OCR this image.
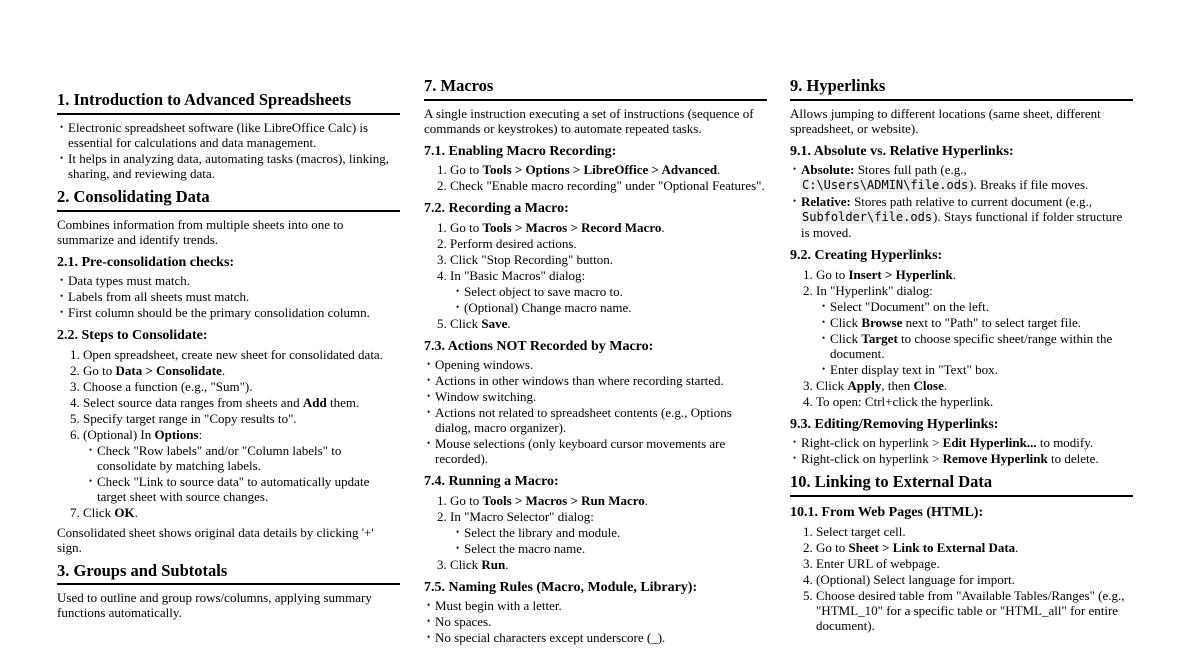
1. Introduction to Advanced Spreadsheets
• Electronic spreadsheet software (like LibreOffice Calc) is essential for calculations and data management.
• It helps in analyzing data, automating tasks (macros), linking, sharing, and reviewing data.
2. Consolidating Data

Combines information from multiple sheets into one to summarize and identify trends.

2.1. Pre-consolidation checks:
• Data types must match.
• Labels from all sheets must match.
• First column should be the primary consolidation column.
2.2. Steps to Consolidate:
1. Open spreadsheet, create new sheet for consolidated data.
2. Go to Data > Consolidate.
3. Choose a function (e.g., "Sum").
4. Select source data ranges from sheets and Add them.
5. Specify target range in "Copy results to".
6. (Optional) In Options:
• Check "Row labels" and/or "Column labels" to consolidate by matching labels.
• Check "Link to source data" to automatically update target sheet with source changes.
7. Click OK.

Consolidated sheet shows original data details by clicking '+' sign.

3. Groups and Subtotals

Used to outline and group rows/columns, applying summary functions automatically.

7. Macros

A single instruction executing a set of instructions (sequence of commands or keystrokes) to automate repeated tasks.

7.1. Enabling Macro Recording:
1. Go to Tools > Options > LibreOffice > Advanced.
2. Check "Enable macro recording" under "Optional Features".
7.2. Recording a Macro:
1. Go to Tools > Macros > Record Macro.
2. Perform desired actions.
3. Click "Stop Recording" button.
4. In "Basic Macros" dialog:
• Select object to save macro to.
• (Optional) Change macro name.
5. Click Save.
7.3. Actions NOT Recorded by Macro:
• Opening windows.
• Actions in other windows than where recording started.
• Window switching.
• Actions not related to spreadsheet contents (e.g., Options dialog, macro organizer).
• Mouse selections (only keyboard cursor movements are recorded).
7.4. Running a Macro:
1. Go to Tools > Macros > Run Macro.
2. In "Macro Selector" dialog:
• Select the library and module.
• Select the macro name.
3. Click Run.
7.5. Naming Rules (Macro, Module, Library):
• Must begin with a letter.
• No spaces.
• No special characters except underscore (_).
9. Hyperlinks

Allows jumping to different locations (same sheet, different spreadsheet, or website).

9.1. Absolute vs. Relative Hyperlinks:
• Absolute: Stores full path (e.g., C:\Users\ADMIN\file.ods). Breaks if file moves.
• Relative: Stores path relative to current document (e.g., Subfolder\file.ods). Stays functional if folder structure is moved.
9.2. Creating Hyperlinks:
1. Go to Insert > Hyperlink.
2. In "Hyperlink" dialog:
• Select "Document" on the left.
• Click Browse next to "Path" to select target file.
• Click Target to choose specific sheet/range within the document.
• Enter display text in "Text" box.
3. Click Apply, then Close.
4. To open: Ctrl+click the hyperlink.
9.3. Editing/Removing Hyperlinks:
• Right-click on hyperlink > Edit Hyperlink... to modify.
• Right-click on hyperlink > Remove Hyperlink to delete.
10. Linking to External Data
10.1. From Web Pages (HTML):
1. Select target cell.
2. Go to Sheet > Link to External Data.
3. Enter URL of webpage.
4. (Optional) Select language for import.
5. Choose desired table from "Available Tables/Ranges" (e.g., "HTML_10" for a specific table or "HTML_all" for entire document).
